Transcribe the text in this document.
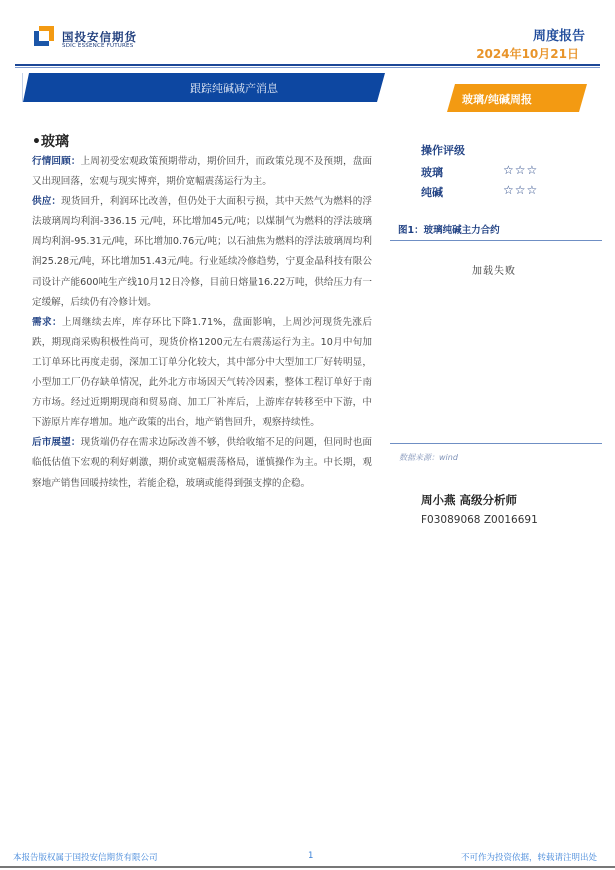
国投安信期货
SDIC ESSENCE FUTURES
周度报告
2024年10月21日
跟踪纯碱减产消息
玻璃/纯碱周报
•玻璃

行情回顾：上周初受宏观政策预期带动，期价回升，而政策兑现不及预期，盘面又出现回落，宏观与现实博弈，期价宽幅震荡运行为主。

供应：现货回升，利润环比改善，但仍处于大面积亏损，其中天然气为燃料的浮法玻璃周均利润-336.15 元/吨，环比增加45元/吨；以煤制气为燃料的浮法玻璃周均利润-95.31元/吨，环比增加0.76元/吨；以石油焦为燃料的浮法玻璃周均利润25.28元/吨，环比增加51.43元/吨。行业延续冷修趋势，宁夏金晶科技有限公司设计产能600吨生产线10月12日冷修，目前日熔量16.22万吨，供给压力有一定缓解，后续仍有冷修计划。

需求：上周继续去库，库存环比下降1.71%，盘面影响，上周沙河现货先涨后跌，期现商采购积极性尚可，现货价格1200元左右震荡运行为主。10月中旬加工订单环比再度走弱，深加工订单分化较大，其中部分中大型加工厂好转明显，小型加工厂仍存缺单情况，此外北方市场因天气转冷因素，整体工程订单好于南方市场。经过近期期现商和贸易商、加工厂补库后，上游库存转移至中下游，中下游原片库存增加。地产政策的出台，地产销售回升，观察持续性。

后市展望：现货端仍存在需求边际改善不够，供给收缩不足的问题，但同时也面临低估值下宏观的利好刺激，期价或宽幅震荡格局，谨慎操作为主。中长期，观察地产销售回暖持续性，若能企稳，玻璃或能得到强支撑的企稳。

操作评级
玻璃	☆☆☆
纯碱	☆☆☆
图1：玻璃纯碱主力合约
加载失败
数据来源：wind
周小燕 高级分析师
F03089068 Z0016691
本报告版权属于国投安信期货有限公司	1	不可作为投资依据，转载请注明出处
